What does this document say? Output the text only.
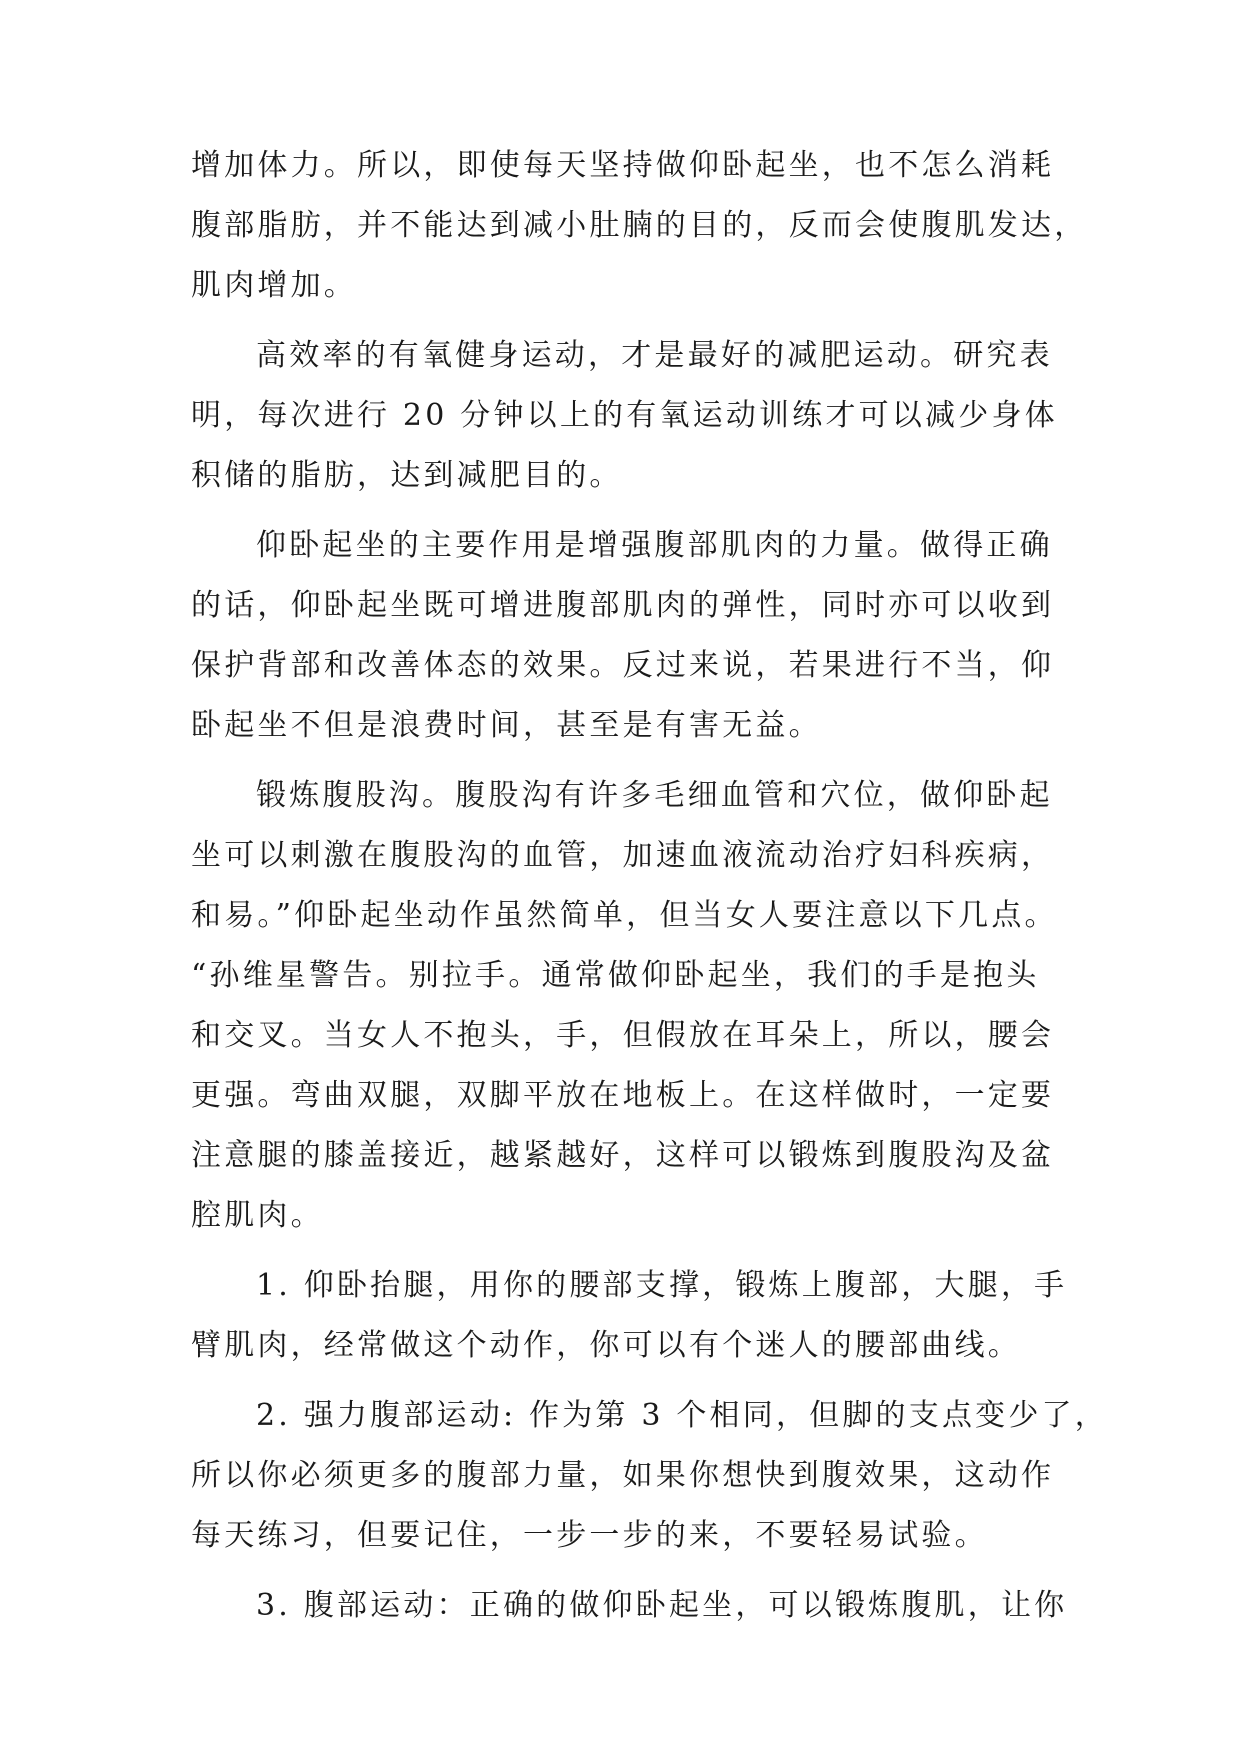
增加体力。所以，即使每天坚持做仰卧起坐，也不怎么消耗
腹部脂肪，并不能达到减小肚腩的目的，反而会使腹肌发达，
肌肉增加。
高效率的有氧健身运动，才是最好的减肥运动。研究表
明，每次进行 20 分钟以上的有氧运动训练才可以减少身体
积储的脂肪，达到减肥目的。
仰卧起坐的主要作用是增强腹部肌肉的力量。做得正确
的话，仰卧起坐既可增进腹部肌肉的弹性，同时亦可以收到
保护背部和改善体态的效果。反过来说，若果进行不当，仰
卧起坐不但是浪费时间，甚至是有害无益。
锻炼腹股沟。腹股沟有许多毛细血管和穴位，做仰卧起
坐可以刺激在腹股沟的血管，加速血液流动治疗妇科疾病，
和易。”仰卧起坐动作虽然简单，但当女人要注意以下几点。
“孙维星警告。别拉手。通常做仰卧起坐，我们的手是抱头
和交叉。当女人不抱头，手，但假放在耳朵上，所以，腰会
更强。弯曲双腿，双脚平放在地板上。在这样做时，一定要
注意腿的膝盖接近，越紧越好，这样可以锻炼到腹股沟及盆
腔肌肉。
1. 仰卧抬腿，用你的腰部支撑，锻炼上腹部，大腿，手
臂肌肉，经常做这个动作，你可以有个迷人的腰部曲线。
2. 强力腹部运动: 作为第 3 个相同，但脚的支点变少了，
所以你必须更多的腹部力量，如果你想快到腹效果，这动作
每天练习，但要记住，一步一步的来，不要轻易试验。
3. 腹部运动：正确的做仰卧起坐，可以锻炼腹肌，让你
